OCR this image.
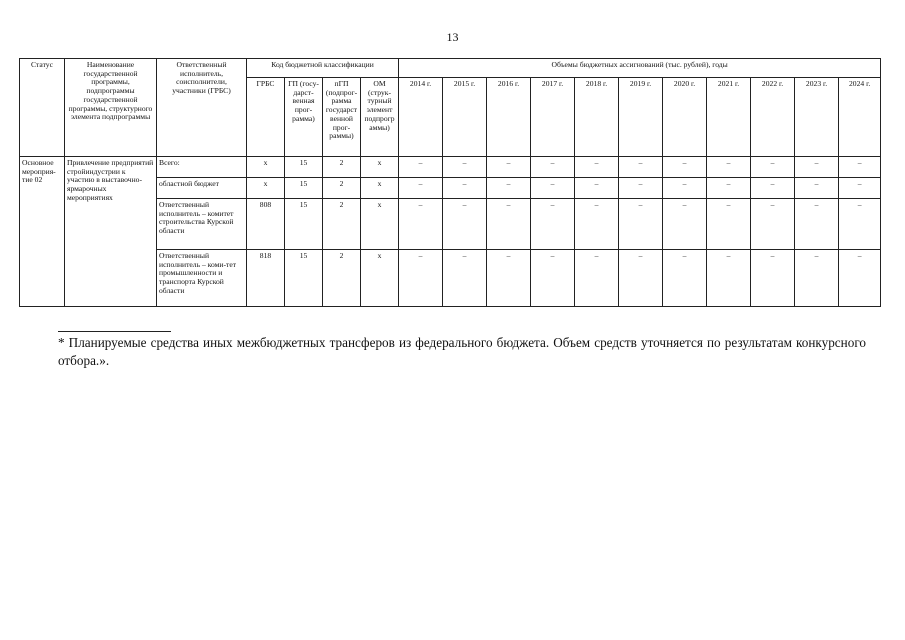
13
Статус	Наименование государственной программы, подпрограммы государственной программы, структурного элемента подпрограммы	Ответственный исполнитель, соисполнители, участники (ГРБС)	Код бюджетной классификации				Объемы бюджетных ассигнований (тыс. рублей), годы										
			ГРБС	ГП (госу-дарст-венная прог-рамма)	пГП (подпрог-рамма государст венной прог-раммы)	ОМ (струк-турный элемент подпрогр аммы)	2014 г.	2015 г.	2016 г.	2017 г.	2018 г.	2019 г.	2020 г.	2021 г.	2022 г.	2023 г.	2024 г.
Основное мероприя-тие 02	Привлечение предприятий стройиндустрии к участию в выставочно-ярмарочных мероприятиях	Всего:	х	15	2	х	–	–	–	–	–	–	–	–	–	–	–
		областной бюджет	х	15	2	х	–	–	–	–	–	–	–	–	–	–	–
		Ответственный исполнитель – комитет строительства Курской области	808	15	2	х	–	–	–	–	–	–	–	–	–	–	–
		Ответственный исполнитель – коми-тет промышленности и транспорта Курской области	818	15	2	х	–	–	–	–	–	–	–	–	–	–	–
* Планируемые средства иных межбюджетных трансферов из федерального бюджета. Объем средств уточняется по результатам конкурсного отбора.».
